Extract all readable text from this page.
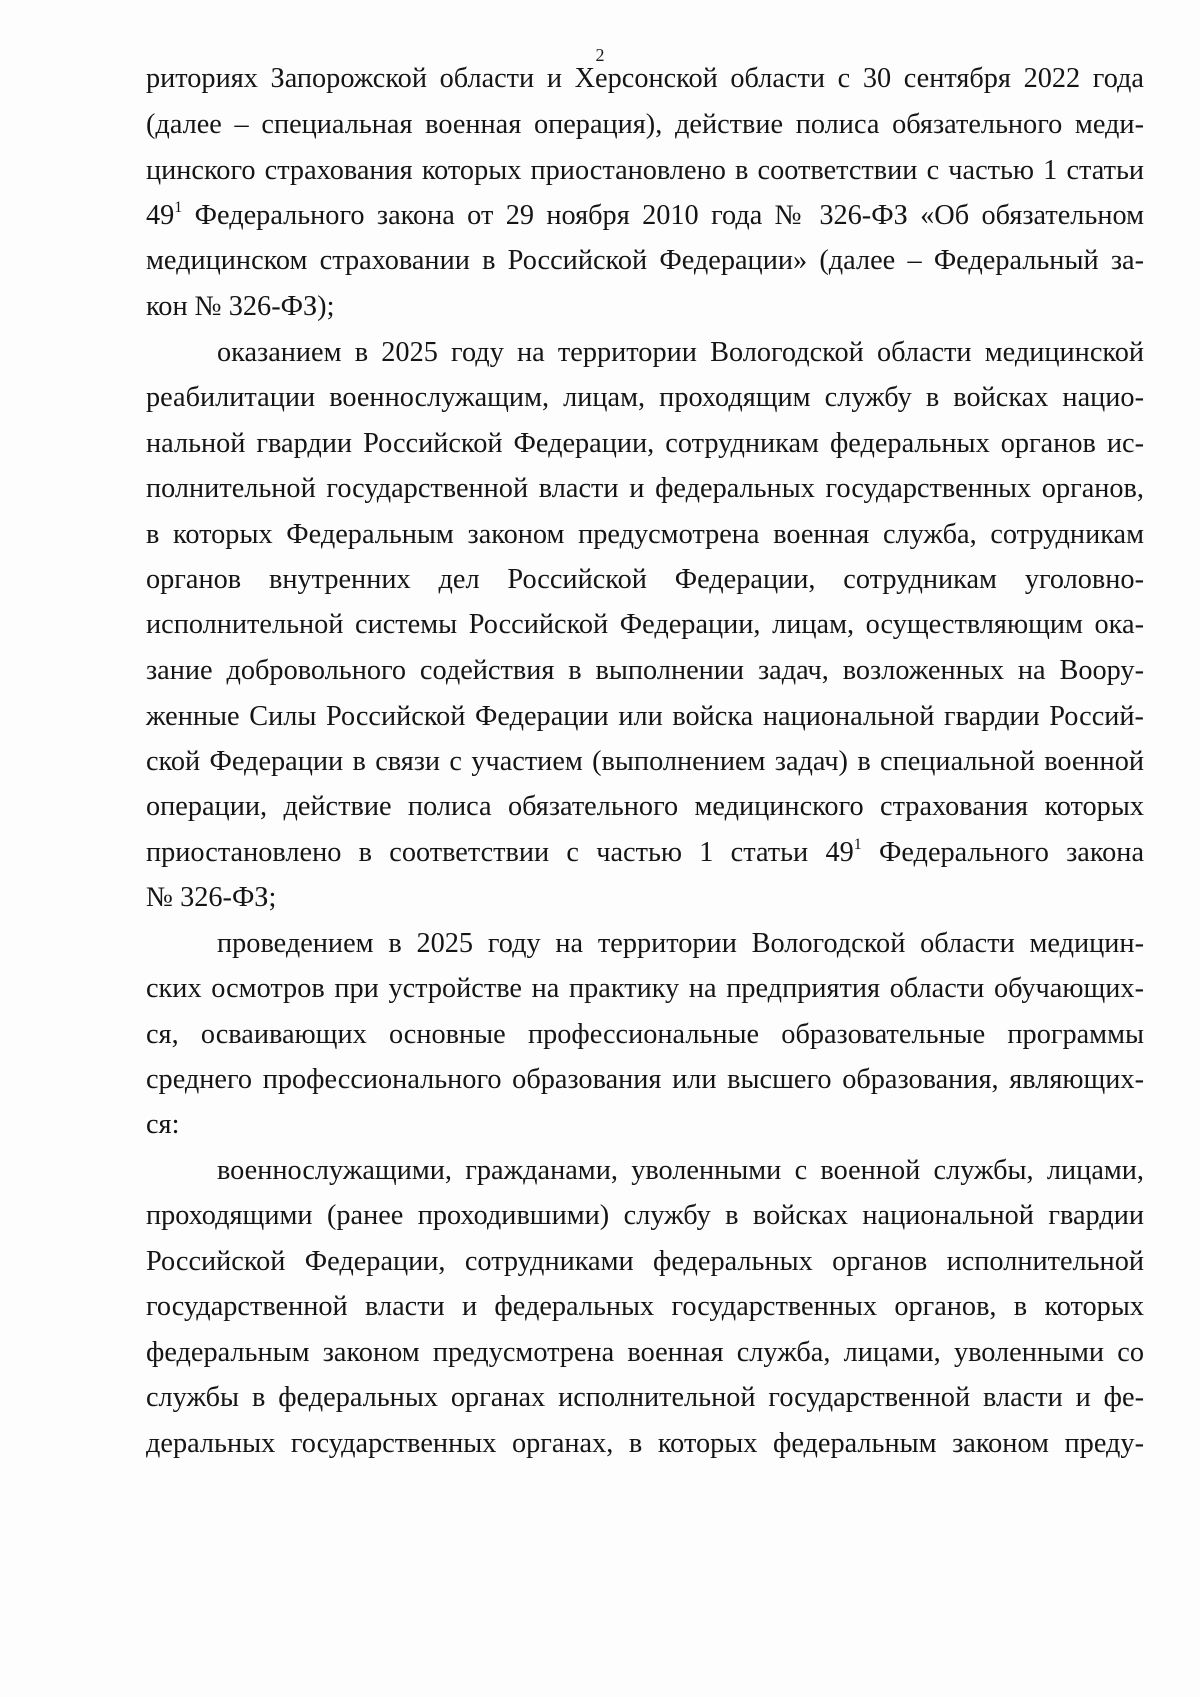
2
риториях Запорожской области и Херсонской области с 30 сентября 2022 года
(далее – специальная военная операция), действие полиса обязательного меди-
цинского страхования которых приостановлено в соответствии с частью 1 статьи
$49^1$ Федерального закона от 29 ноября 2010 года № 326-ФЗ «Об обязательном
медицинском страховании в Российской Федерации» (далее – Федеральный за-
кон № 326-ФЗ);
оказанием в 2025 году на территории Вологодской области медицинской
реабилитации военнослужащим, лицам, проходящим службу в войсках нацио-
нальной гвардии Российской Федерации, сотрудникам федеральных органов ис-
полнительной государственной власти и федеральных государственных органов,
в которых Федеральным законом предусмотрена военная служба, сотрудникам
органов внутренних дел Российской Федерации, сотрудникам уголовно-
исполнительной системы Российской Федерации, лицам, осуществляющим ока-
зание добровольного содействия в выполнении задач, возложенных на Воору-
женные Силы Российской Федерации или войска национальной гвардии Россий-
ской Федерации в связи с участием (выполнением задач) в специальной военной
операции, действие полиса обязательного медицинского страхования которых
приостановлено в соответствии с частью 1 статьи $49^1$ Федерального закона
№ 326-ФЗ;
проведением в 2025 году на территории Вологодской области медицин-
ских осмотров при устройстве на практику на предприятия области обучающих-
ся, осваивающих основные профессиональные образовательные программы
среднего профессионального образования или высшего образования, являющих-
ся:
военнослужащими, гражданами, уволенными с военной службы, лицами,
проходящими (ранее проходившими) службу в войсках национальной гвардии
Российской Федерации, сотрудниками федеральных органов исполнительной
государственной власти и федеральных государственных органов, в которых
федеральным законом предусмотрена военная служба, лицами, уволенными со
службы в федеральных органах исполнительной государственной власти и фе-
деральных государственных органах, в которых федеральным законом преду-
